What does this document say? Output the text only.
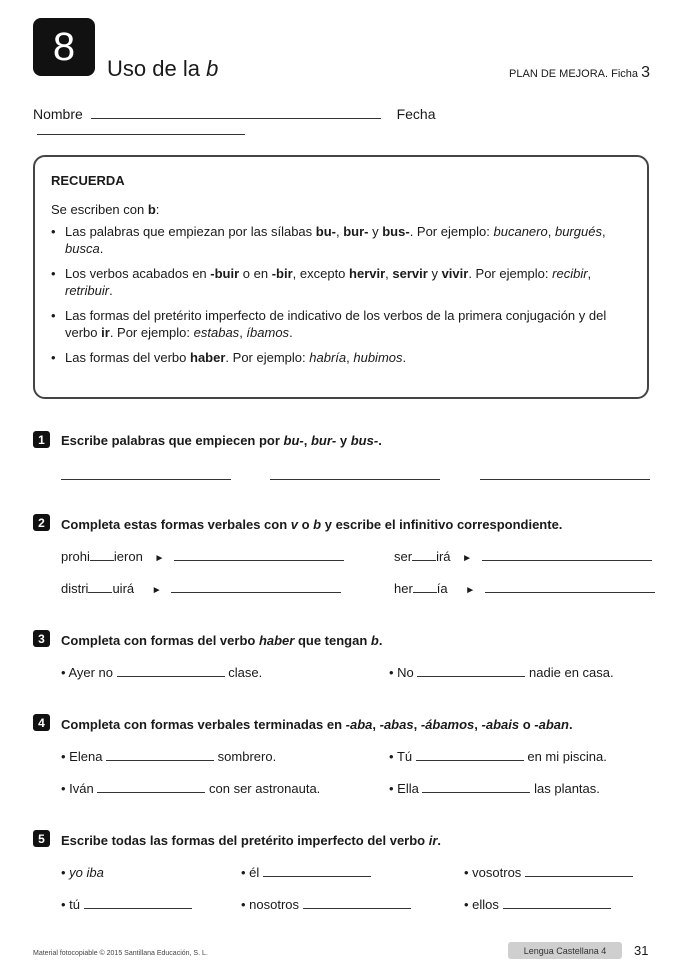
8 Uso de la b	PLAN DE MEJORA. Ficha 3
Nombre	Fecha
RECUERDA
Se escriben con b:
• Las palabras que empiezan por las sílabas bu-, bur- y bus-. Por ejemplo: bucanero, burgués, busca.
• Los verbos acabados en -buir o en -bir, excepto hervir, servir y vivir. Por ejemplo: recibir, retribuir.
• Las formas del pretérito imperfecto de indicativo de los verbos de la primera conjugación y del verbo ir. Por ejemplo: estabas, íbamos.
• Las formas del verbo haber. Por ejemplo: habría, hubimos.
1	Escribe palabras que empiecen por bu-, bur- y bus-.
2	Completa estas formas verbales con v o b y escribe el infinitivo correspondiente.
prohi ieron ►	ser irá ►
distri uirá ►	her ía ►
3	Completa con formas del verbo haber que tengan b.
• Ayer no	clase.	• No	nadie en casa.
4	Completa con formas verbales terminadas en -aba, -abas, -ábamos, -abais o -aban.
• Elena	sombrero.	• Tú	en mi piscina.
• Iván	con ser astronauta.	• Ella	las plantas.
5	Escribe todas las formas del pretérito imperfecto del verbo ir.
• yo iba	• él	• vosotros
• tú	• nosotros	• ellos
Material fotocopiable © 2015 Santillana Educación, S. L.	Lengua Castellana 4 31
